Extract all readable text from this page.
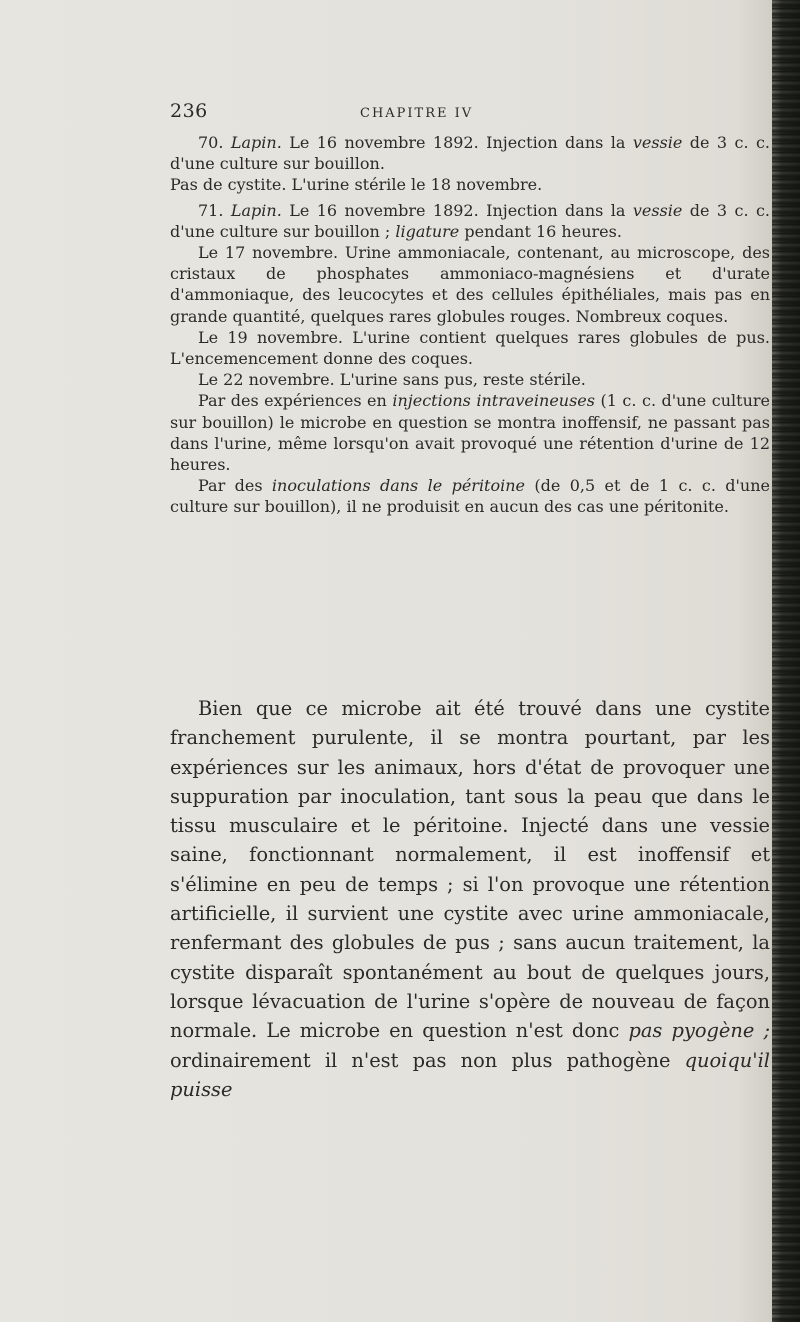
236	CHAPITRE IV

70. Lapin. Le 16 novembre 1892. Injection dans la vessie de 3 c. c. d'une culture sur bouillon.

Pas de cystite. L'urine stérile le 18 novembre.

71. Lapin. Le 16 novembre 1892. Injection dans la vessie de 3 c. c. d'une culture sur bouillon ; ligature pendant 16 heures.

Le 17 novembre. Urine ammoniacale, contenant, au microscope, des cristaux de phosphates ammoniaco-magnésiens et d'urate d'ammoniaque, des leucocytes et des cellules épithéliales, mais pas en grande quantité, quelques rares globules rouges. Nombreux coques.

Le 19 novembre. L'urine contient quelques rares globules de pus. L'encemencement donne des coques.

Le 22 novembre. L'urine sans pus, reste stérile.

Par des expériences en injections intraveineuses (1 c. c. d'une culture sur bouillon) le microbe en question se montra inoffensif, ne passant pas dans l'urine, même lorsqu'on avait provoqué une rétention d'urine de 12 heures.

Par des inoculations dans le péritoine (de 0,5 et de 1 c. c. d'une culture sur bouillon), il ne produisit en aucun des cas une péritonite.

Bien que ce microbe ait été trouvé dans une cystite franchement purulente, il se montra pourtant, par les expériences sur les animaux, hors d'état de provoquer une suppuration par inoculation, tant sous la peau que dans le tissu musculaire et le péritoine. Injecté dans une vessie saine, fonctionnant normalement, il est inoffensif et s'élimine en peu de temps ; si l'on provoque une rétention artificielle, il survient une cystite avec urine ammoniacale, renfermant des globules de pus ; sans aucun traitement, la cystite disparaît spontanément au bout de quelques jours, lorsque lévacuation de l'urine s'opère de nouveau de façon normale. Le microbe en question n'est donc pas pyogène ; ordinairement il n'est pas non plus pathogène quoiqu'il puisse
